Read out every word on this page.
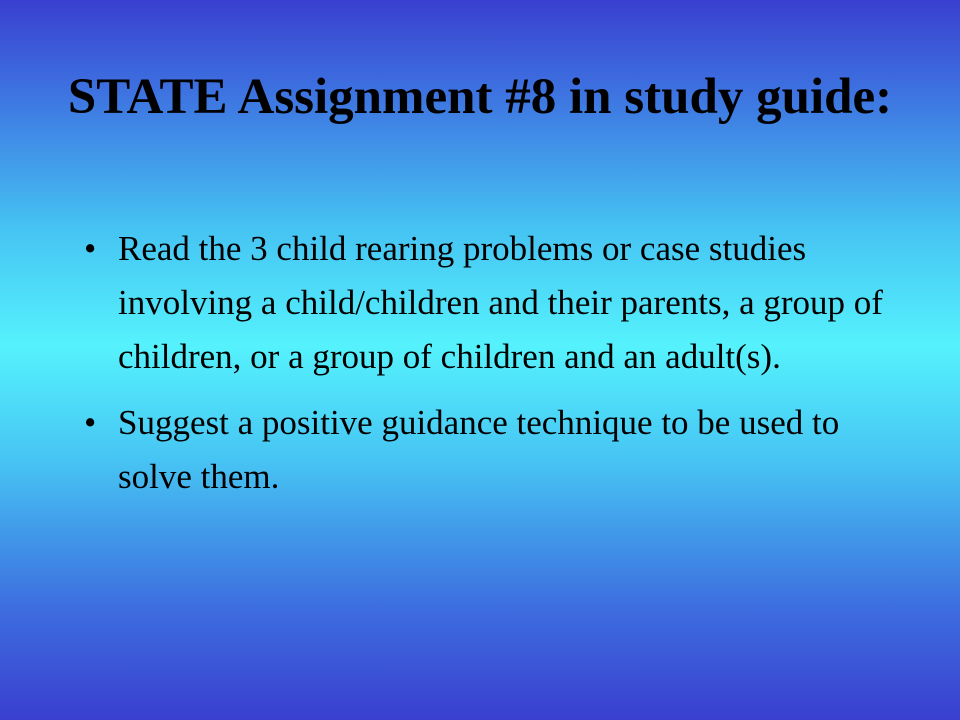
STATE Assignment #8 in study guide:
• Read the 3 child rearing problems or case studies involving a child/children and their parents, a group of children, or a group of children and an adult(s).
• Suggest a positive guidance technique to be used to solve them.
